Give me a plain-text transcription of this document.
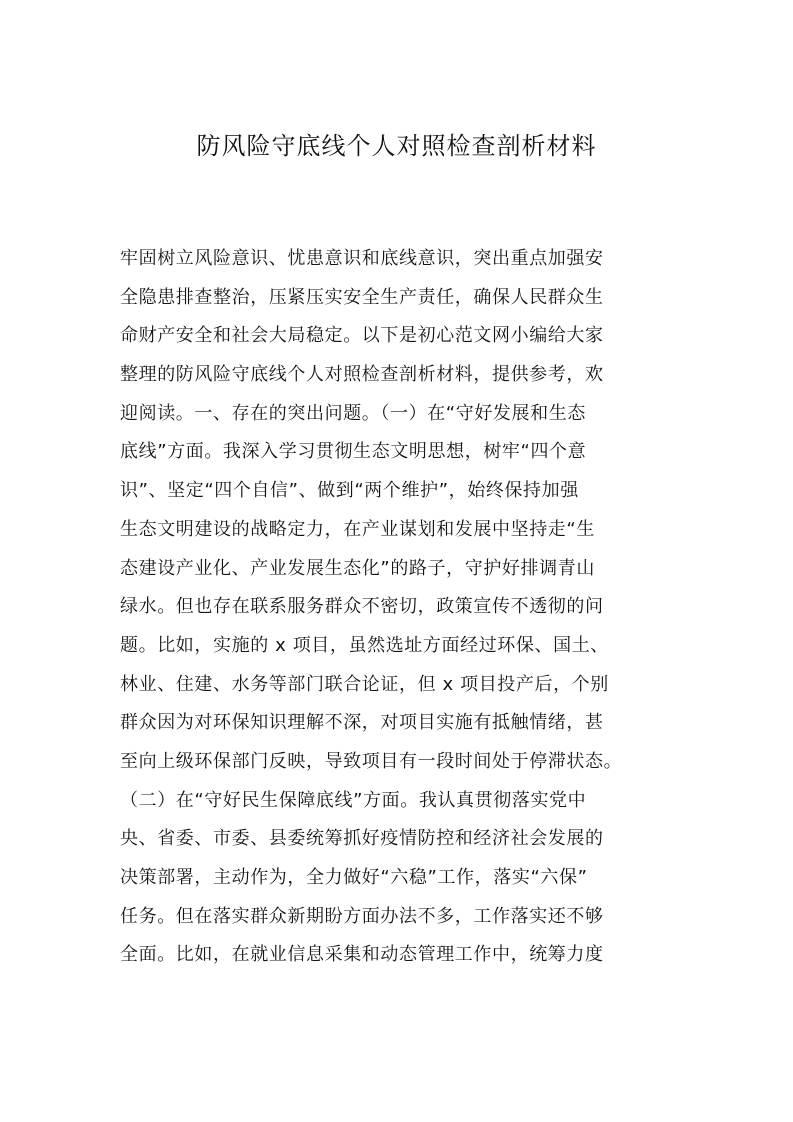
防风险守底线个人对照检查剖析材料
牢固树立风险意识、忧患意识和底线意识，突出重点加强安
全隐患排查整治，压紧压实安全生产责任，确保人民群众生
命财产安全和社会大局稳定。以下是初心范文网小编给大家
整理的防风险守底线个人对照检查剖析材料，提供参考，欢
迎阅读。一、存在的突出问题。（一）在“守好发展和生态
底线”方面。我深入学习贯彻生态文明思想，树牢“四个意
识”、坚定“四个自信”、做到“两个维护”，始终保持加强
生态文明建设的战略定力，在产业谋划和发展中坚持走“生
态建设产业化、产业发展生态化”的路子，守护好排调青山
绿水。但也存在联系服务群众不密切，政策宣传不透彻的问
题。比如，实施的 x 项目，虽然选址方面经过环保、国土、
林业、住建、水务等部门联合论证，但 x 项目投产后，个别
群众因为对环保知识理解不深，对项目实施有抵触情绪，甚
至向上级环保部门反映，导致项目有一段时间处于停滞状态。
（二）在“守好民生保障底线”方面。我认真贯彻落实党中
央、省委、市委、县委统筹抓好疫情防控和经济社会发展的
决策部署，主动作为，全力做好“六稳”工作，落实“六保”
任务。但在落实群众新期盼方面办法不多，工作落实还不够
全面。比如，在就业信息采集和动态管理工作中，统筹力度
